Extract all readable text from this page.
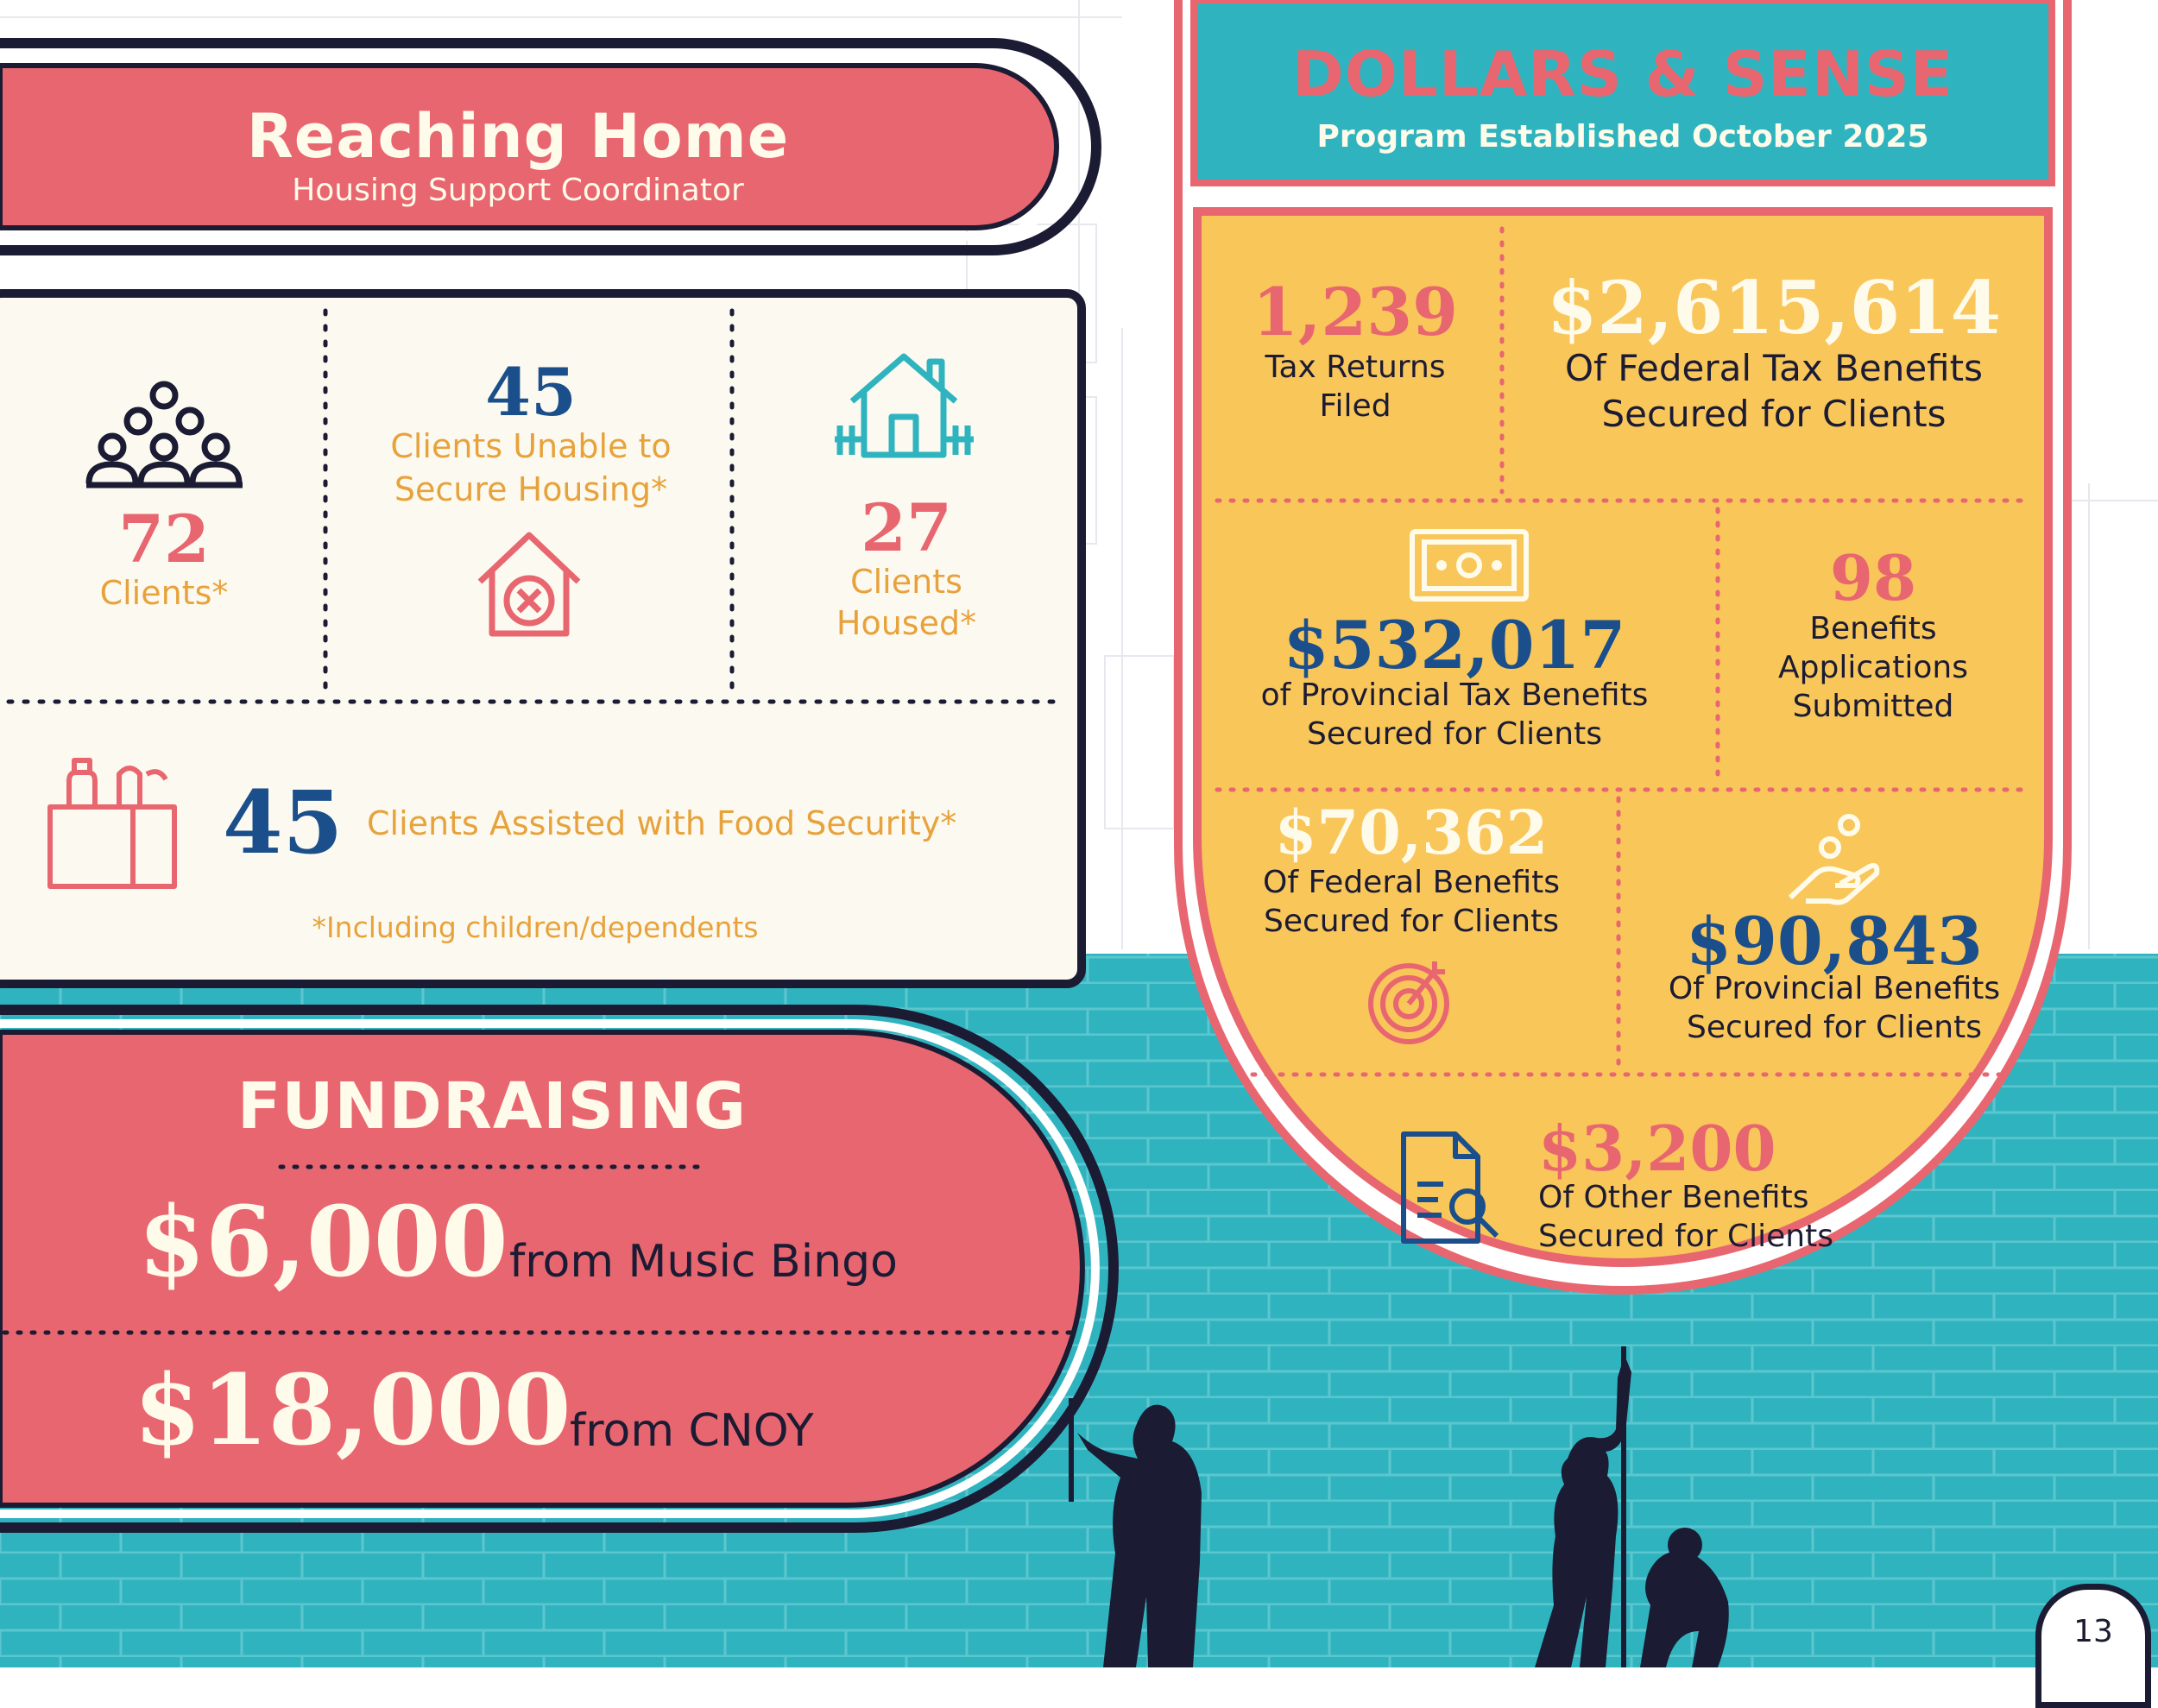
Reaching Home
Housing Support Coordinator
72
Clients*
45
Clients Unable to
Secure Housing*	27
Clients
Housed*
45 Clients Assisted with Food Security*
*Including children/dependents
FUNDRAISING
$6,000 from Music Bingo
$18,000
from CNOY
DOLLARS & SENSE
Program Established October 2025
1,239
Tax Returns
Filed
$2,615,614
Of Federal Tax Benefits
Secured for Clients
$532,017
of Provincial Tax Benefits
Secured for Clients
98
Benefits
Applications
Submitted
$70,362
Of Federal Benefits
Secured for Clients	$90,843
Of Provincial Benefits
Secured for Clients
$3,200
Of Other Benefits
Secured for Clients
13
